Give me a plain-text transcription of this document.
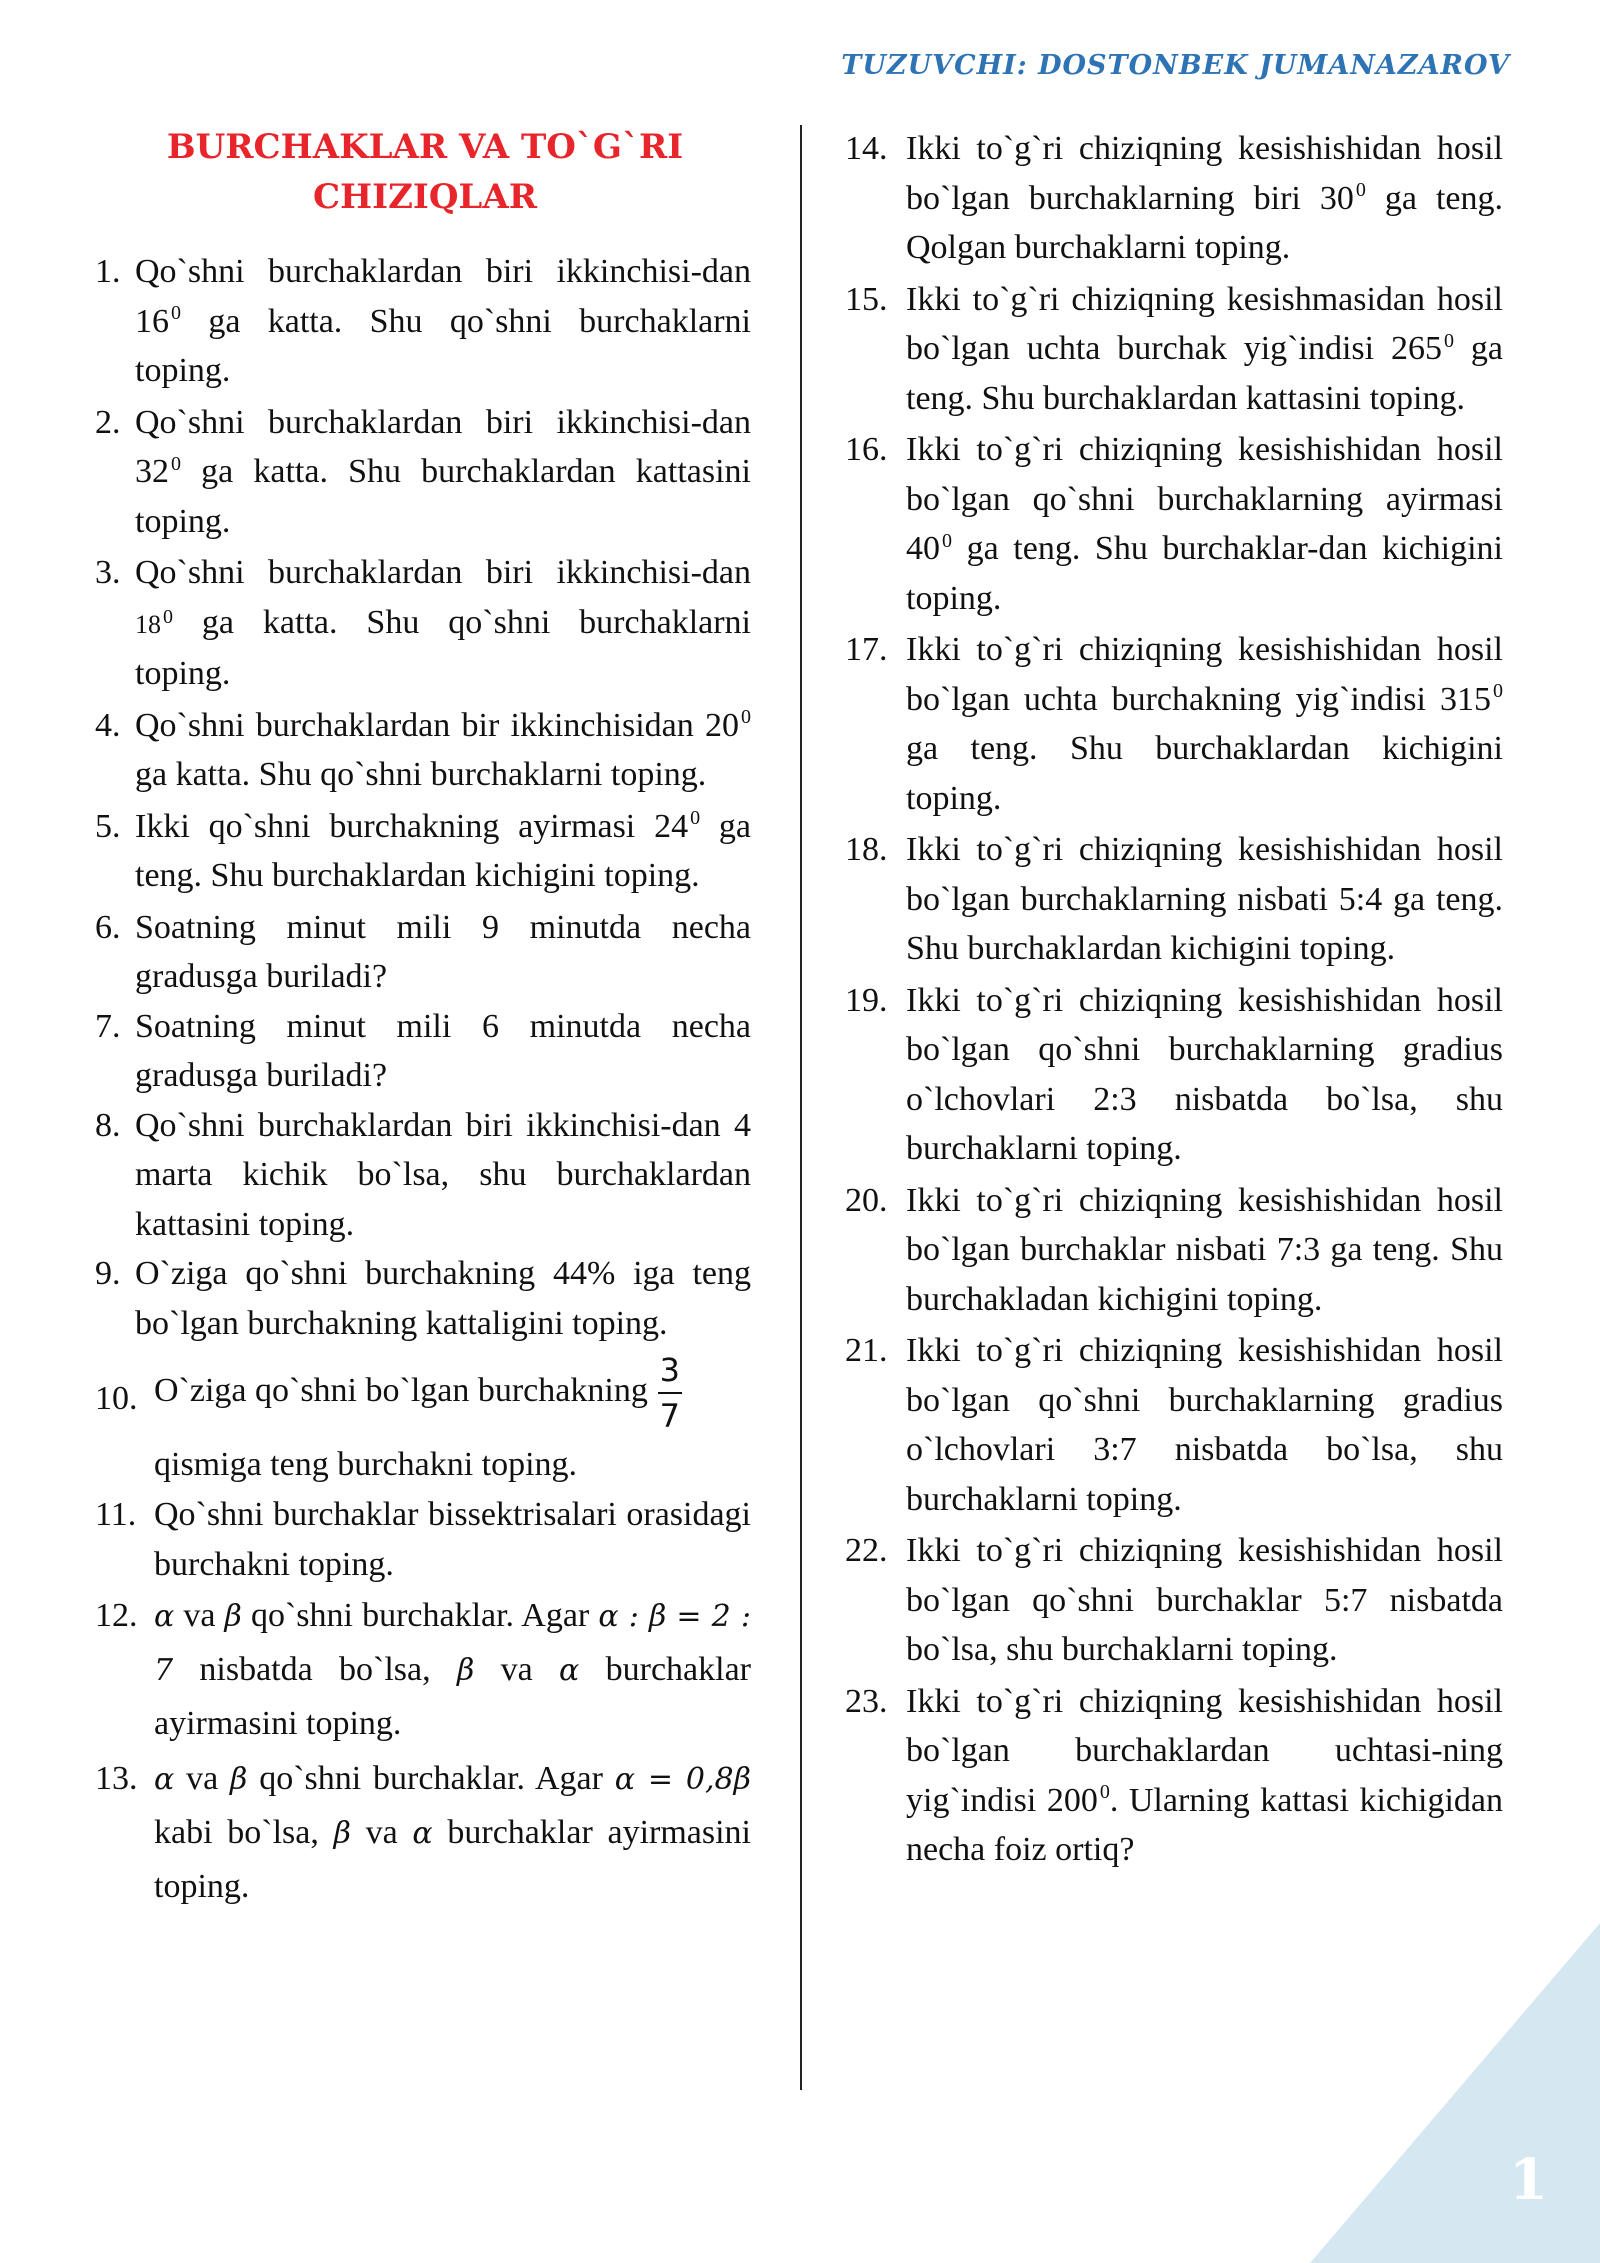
TUZUVCHI: DOSTONBEK JUMANAZAROV
BURCHAKLAR VA TO`G`RI
CHIZIQLAR
1. Qo`shni burchaklardan biri ikkinchisi-dan 16 $^0$ ga katta. Shu qo`shni burchaklarni toping.
2. Qo`shni burchaklardan biri ikkinchisi-dan 32 $^0$ ga katta. Shu burchaklardan kattasini toping.
3. Qo`shni burchaklardan biri ikkinchisi-dan 18 $^0$ ga katta. Shu qo`shni burchaklarni toping.
4. Qo`shni burchaklardan bir ikkinchisidan 20 $^0$ ga katta. Shu qo`shni burchaklarni toping.
5. Ikki qo`shni burchakning ayirmasi 24 $^0$ ga teng. Shu burchaklardan kichigini toping.
6. Soatning minut mili 9 minutda necha gradusga buriladi?
7. Soatning minut mili 6 minutda necha gradusga buriladi?
8. Qo`shni burchaklardan biri ikkinchisi-dan 4 marta kichik bo`lsa, shu burchaklardan kattasini toping.
9. O`ziga qo`shni burchakning 44% iga teng bo`lgan burchakning kattaligini toping.
10. O`ziga qo`shni bo`lgan burchakning $\frac{3}{7}$
qismiga teng burchakni toping.
11. Qo`shni burchaklar bissektrisalari orasidagi burchakni toping.
12. α va β qo`shni burchaklar. Agar α : β = 2 : 7 nisbatda bo`lsa, β va α burchaklar ayirmasini toping.
13. α va β qo`shni burchaklar. Agar α = 0,8β kabi bo`lsa, β va α burchaklar ayirmasini toping.
14. Ikki to`g`ri chiziqning kesishishidan hosil bo`lgan burchaklarning biri 30 $^0$ ga teng. Qolgan burchaklarni toping.
15. Ikki to`g`ri chiziqning kesishmasidan hosil bo`lgan uchta burchak yig`indisi 265 $^0$ ga teng. Shu burchaklardan kattasini toping.
16. Ikki to`g`ri chiziqning kesishishidan hosil bo`lgan qo`shni burchaklarning ayirmasi 40 $^0$ ga teng. Shu burchaklar-dan kichigini toping.
17. Ikki to`g`ri chiziqning kesishishidan hosil bo`lgan uchta burchakning yig`indisi 315 $^0$ ga teng. Shu burchaklardan kichigini toping.
18. Ikki to`g`ri chiziqning kesishishidan hosil bo`lgan burchaklarning nisbati 5:4 ga teng. Shu burchaklardan kichigini toping.
19. Ikki to`g`ri chiziqning kesishishidan hosil bo`lgan qo`shni burchaklarning gradius o`lchovlari 2:3 nisbatda bo`lsa, shu burchaklarni toping.
20. Ikki to`g`ri chiziqning kesishishidan hosil bo`lgan burchaklar nisbati 7:3 ga teng. Shu burchakladan kichigini toping.
21. Ikki to`g`ri chiziqning kesishishidan hosil bo`lgan qo`shni burchaklarning gradius o`lchovlari 3:7 nisbatda bo`lsa, shu burchaklarni toping.
22. Ikki to`g`ri chiziqning kesishishidan hosil bo`lgan qo`shni burchaklar 5:7 nisbatda bo`lsa, shu burchaklarni toping.
23. Ikki to`g`ri chiziqning kesishishidan hosil bo`lgan burchaklardan uchtasi-ning yig`indisi 200 $^0$. Ularning kattasi kichigidan necha foiz ortiq?
1
